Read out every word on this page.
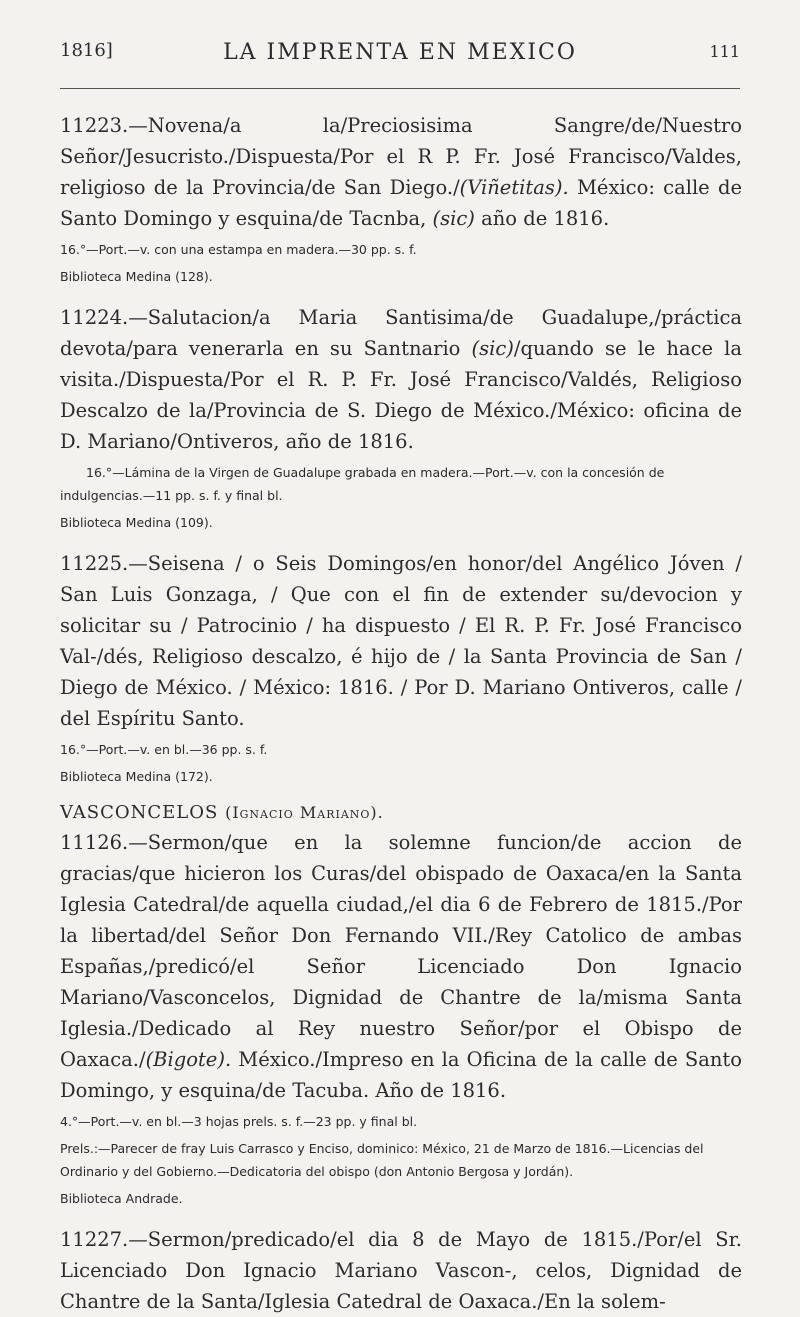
1816]	LA IMPRENTA EN MEXICO	111

11223.—Novena/a la/Preciosisima Sangre/de/Nuestro Señor/Jesucristo./Dispuesta/Por el R P. Fr. José Francisco/Valdes, religioso de la Provincia/de San Diego./(Viñetitas). México: calle de Santo Domingo y esquina/de Tacnba, (sic) año de 1816.

16.°—Port.—v. con una estampa en madera.—30 pp. s. f.

Biblioteca Medina (128).

11224.—Salutacion/a Maria Santisima/de Guadalupe,/práctica devota/para venerarla en su Santnario (sic)/quando se le hace la visita./Dispuesta/Por el R. P. Fr. José Francisco/Valdés, Religioso Descalzo de la/Provincia de S. Diego de México./México: oficina de D. Mariano/Ontiveros, año de 1816.

16.°—Lámina de la Virgen de Guadalupe grabada en madera.—Port.—v. con la concesión de indulgencias.—11 pp. s. f. y final bl.

Biblioteca Medina (109).

11225.—Seisena / o Seis Domingos/en honor/del Angélico Jóven / San Luis Gonzaga, / Que con el fin de extender su/devocion y solicitar su / Patrocinio / ha dispuesto / El R. P. Fr. José Francisco Val-/dés, Religioso descalzo, é hijo de / la Santa Provincia de San / Diego de México. / México: 1816. / Por D. Mariano Ontiveros, calle / del Espíritu Santo.

16.°—Port.—v. en bl.—36 pp. s. f.

Biblioteca Medina (172).

VASCONCELOS (Ignacio Mariano).

11126.—Sermon/que en la solemne funcion/de accion de gracias/que hicieron los Curas/del obispado de Oaxaca/en la Santa Iglesia Catedral/de aquella ciudad,/el dia 6 de Febrero de 1815./Por la libertad/del Señor Don Fernando VII./Rey Catolico de ambas Españas,/predicó/el Señor Licenciado Don Ignacio Mariano/Vasconcelos, Dignidad de Chantre de la/misma Santa Iglesia./Dedicado al Rey nuestro Señor/por el Obispo de Oaxaca./(Bigote). México./Impreso en la Oficina de la calle de Santo Domingo, y esquina/de Tacuba. Año de 1816.

4.°—Port.—v. en bl.—3 hojas prels. s. f.—23 pp. y final bl.

Prels.:—Parecer de fray Luis Carrasco y Enciso, dominico: México, 21 de Marzo de 1816.—Licencias del Ordinario y del Gobierno.—Dedicatoria del obispo (don Antonio Bergosa y Jordán).

Biblioteca Andrade.

11227.—Sermon/predicado/el dia 8 de Mayo de 1815./Por/el Sr. Licenciado Don Ignacio Mariano Vascon-, celos, Dignidad de Chantre de la Santa/Iglesia Catedral de Oaxaca./En la solem-
